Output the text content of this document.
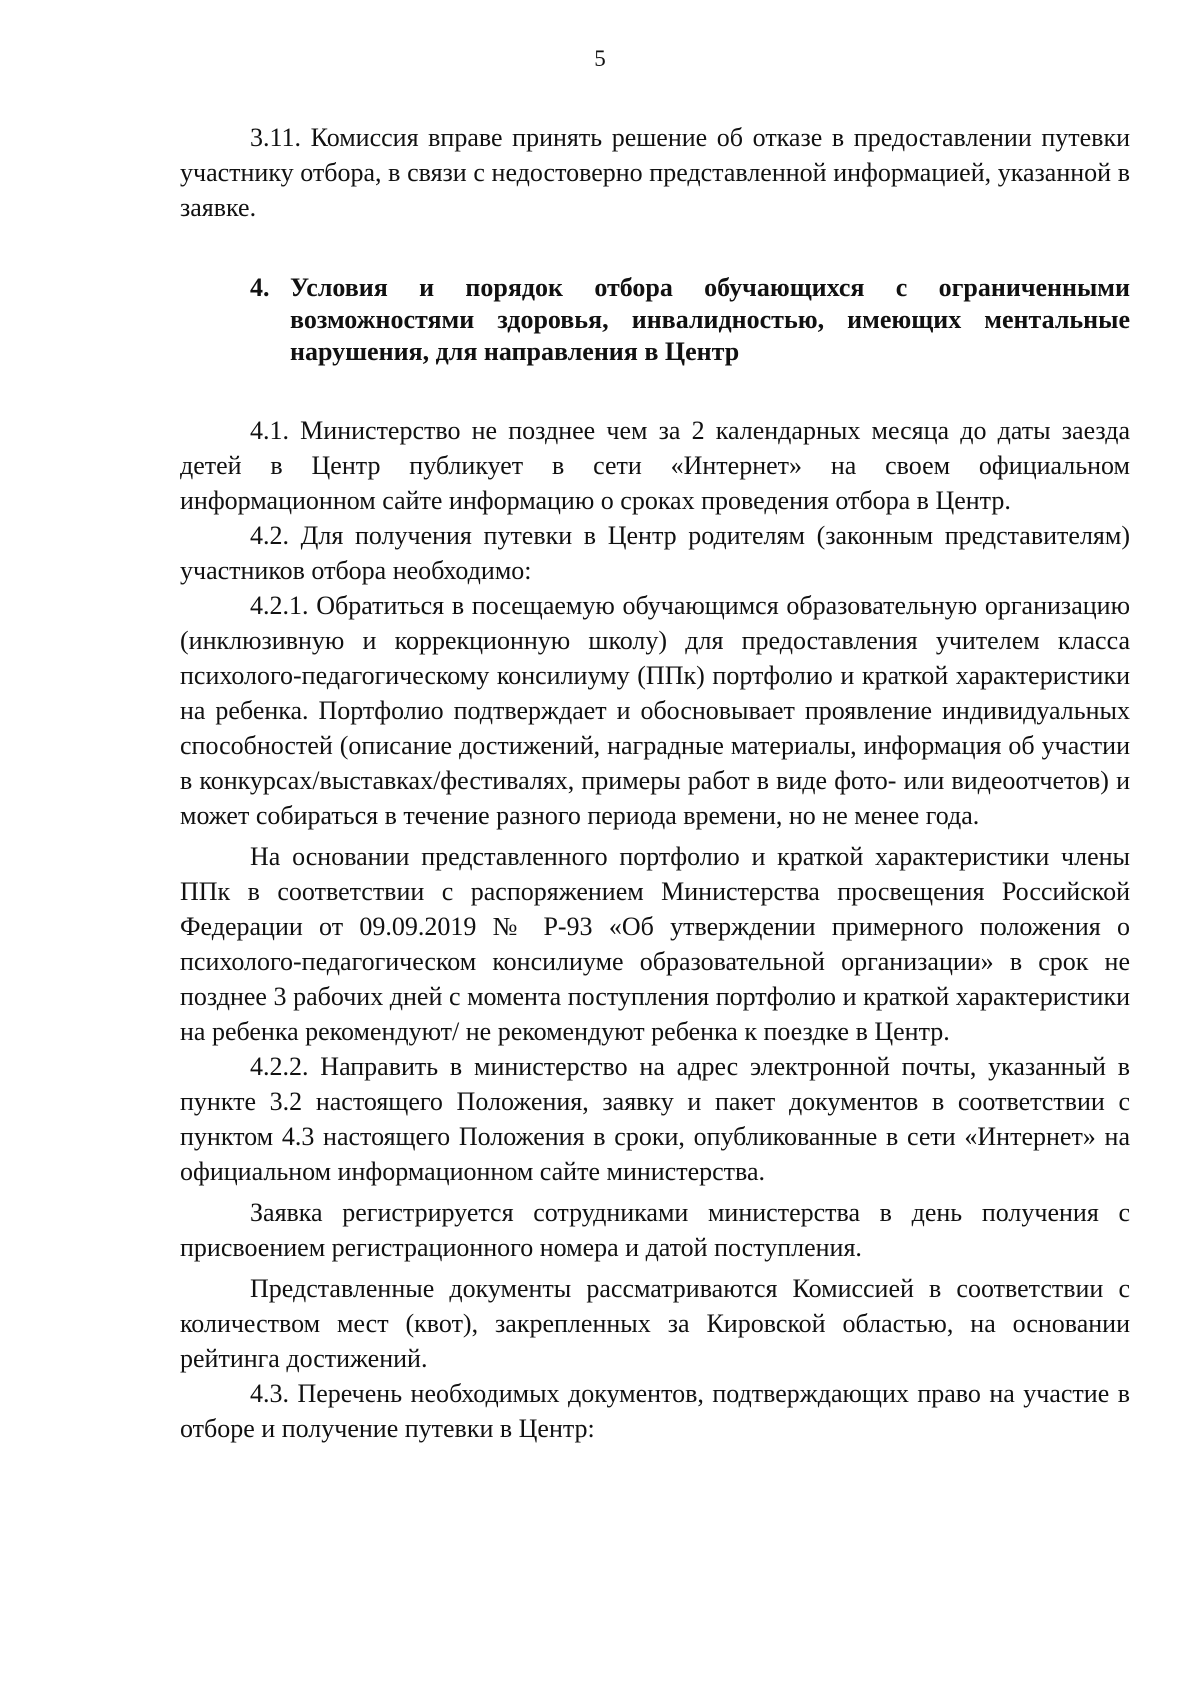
5

3.11. Комиссия вправе принять решение об отказе в предоставлении путевки участнику отбора, в связи с недостоверно представленной информацией, указанной в заявке.

4. Условия и порядок отбора обучающихся с ограниченными возможностями здоровья, инвалидностью, имеющих ментальные нарушения, для направления в Центр

4.1. Министерство не позднее чем за 2 календарных месяца до даты заезда детей в Центр публикует в сети «Интернет» на своем официальном информационном сайте информацию о сроках проведения отбора в Центр.

4.2. Для получения путевки в Центр родителям (законным представителям) участников отбора необходимо:

4.2.1. Обратиться в посещаемую обучающимся образовательную организацию (инклюзивную и коррекционную школу) для предоставления учителем класса психолого-педагогическому консилиуму (ППк) портфолио и краткой характеристики на ребенка. Портфолио подтверждает и обосновывает проявление индивидуальных способностей (описание достижений, наградные материалы, информация об участии в конкурсах/выставках/фестивалях, примеры работ в виде фото- или видеоотчетов) и может собираться в течение разного периода времени, но не менее года.

На основании представленного портфолио и краткой характеристики члены ППк в соответствии с распоряжением Министерства просвещения Российской Федерации от 09.09.2019 № Р-93 «Об утверждении примерного положения о психолого-педагогическом консилиуме образовательной организации» в срок не позднее 3 рабочих дней с момента поступления портфолио и краткой характеристики на ребенка рекомендуют/ не рекомендуют ребенка к поездке в Центр.

4.2.2. Направить в министерство на адрес электронной почты, указанный в пункте 3.2 настоящего Положения, заявку и пакет документов в соответствии с пунктом 4.3 настоящего Положения в сроки, опубликованные в сети «Интернет» на официальном информационном сайте министерства.

Заявка регистрируется сотрудниками министерства в день получения с присвоением регистрационного номера и датой поступления.

Представленные документы рассматриваются Комиссией в соответствии с количеством мест (квот), закрепленных за Кировской областью, на основании рейтинга достижений.

4.3. Перечень необходимых документов, подтверждающих право на участие в отборе и получение путевки в Центр:
